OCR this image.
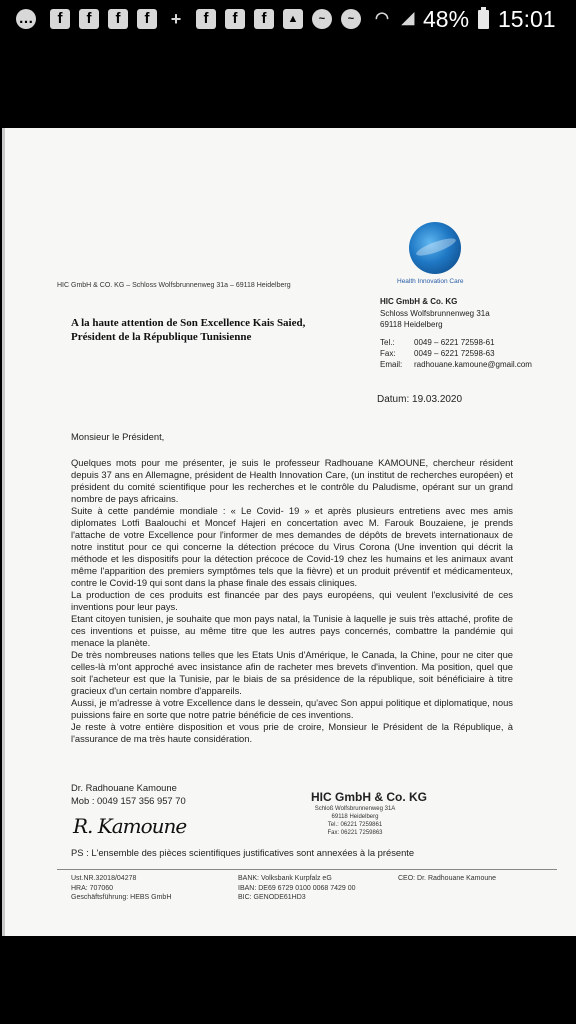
…	f	f	f	f	+	f	f	f	▲	~	~	◠ ◢ 48% 15:01
Health Innovation Care
HIC GmbH & CO. KG – Schloss Wolfsbrunnenweg 31a – 69118 Heidelberg
A la haute attention de Son Excellence Kais Saied,
Président de la République Tunisienne
HIC GmbH & Co. KG
Schloss Wolfsbrunnenweg 31a
69118 Heidelberg
Tel.: 0049 – 6221 72598-61
Fax: 0049 – 6221 72598-63
Email: radhouane.kamoune@gmail.com
Datum: 19.03.2020
Monsieur le Président,

Quelques mots pour me présenter, je suis le professeur Radhouane KAMOUNE, chercheur résident depuis 37 ans en Allemagne, président de Health Innovation Care, (un institut de recherches européen) et président du comité scientifique pour les recherches et le contrôle du Paludisme, opérant sur un grand nombre de pays africains.

Suite à cette pandémie mondiale : « Le Covid- 19 » et après plusieurs entretiens avec mes amis diplomates Lotfi Baalouchi et Moncef Hajeri en concertation avec M. Farouk Bouzaiene, je prends l'attache de votre Excellence pour l'informer de mes demandes de dépôts de brevets internationaux de notre institut pour ce qui concerne la détection précoce du Virus Corona (Une invention qui décrit la méthode et les dispositifs pour la détection précoce de Covid-19 chez les humains et les animaux avant même l'apparition des premiers symptômes tels que la fièvre) et un produit préventif et médicamenteux, contre le Covid-19 qui sont dans la phase finale des essais cliniques.

La production de ces produits est financée par des pays européens, qui veulent l'exclusivité de ces inventions pour leur pays.

Etant citoyen tunisien, je souhaite que mon pays natal, la Tunisie à laquelle je suis très attaché, profite de ces inventions et puisse, au même titre que les autres pays concernés, combattre la pandémie qui menace la planète.

De très nombreuses nations telles que les Etats Unis d'Amérique, le Canada, la Chine, pour ne citer que celles-là m'ont approché avec insistance afin de racheter mes brevets d'invention. Ma position, quel que soit l'acheteur est que la Tunisie, par le biais de sa présidence de la république, soit bénéficiaire à titre gracieux d'un certain nombre d'appareils.

Aussi, je m'adresse à votre Excellence dans le dessein, qu'avec Son appui politique et diplomatique, nous puissions faire en sorte que notre patrie bénéficie de ces inventions.

Je reste à votre entière disposition et vous prie de croire, Monsieur le Président de la République, à l'assurance de ma très haute considération.

Dr. Radhouane Kamoune
Mob : 0049 157 356 957 70
R. Kamoune
HIC GmbH & Co. KG
Schloß Wolfsbrunnenweg 31A
69118 Heidelberg
Tel.: 06221 7259861
Fax: 06221 7259863
PS : L'ensemble des pièces scientifiques justificatives sont annexées à la présente
Ust.NR.32018/04278
HRA: 707060
Geschäftsführung: HEBS GmbH
BANK: Volksbank Kurpfalz eG
IBAN: DE69 6729 0100 0068 7429 00
BIC: GENODE61HD3
CEO: Dr. Radhouane Kamoune
